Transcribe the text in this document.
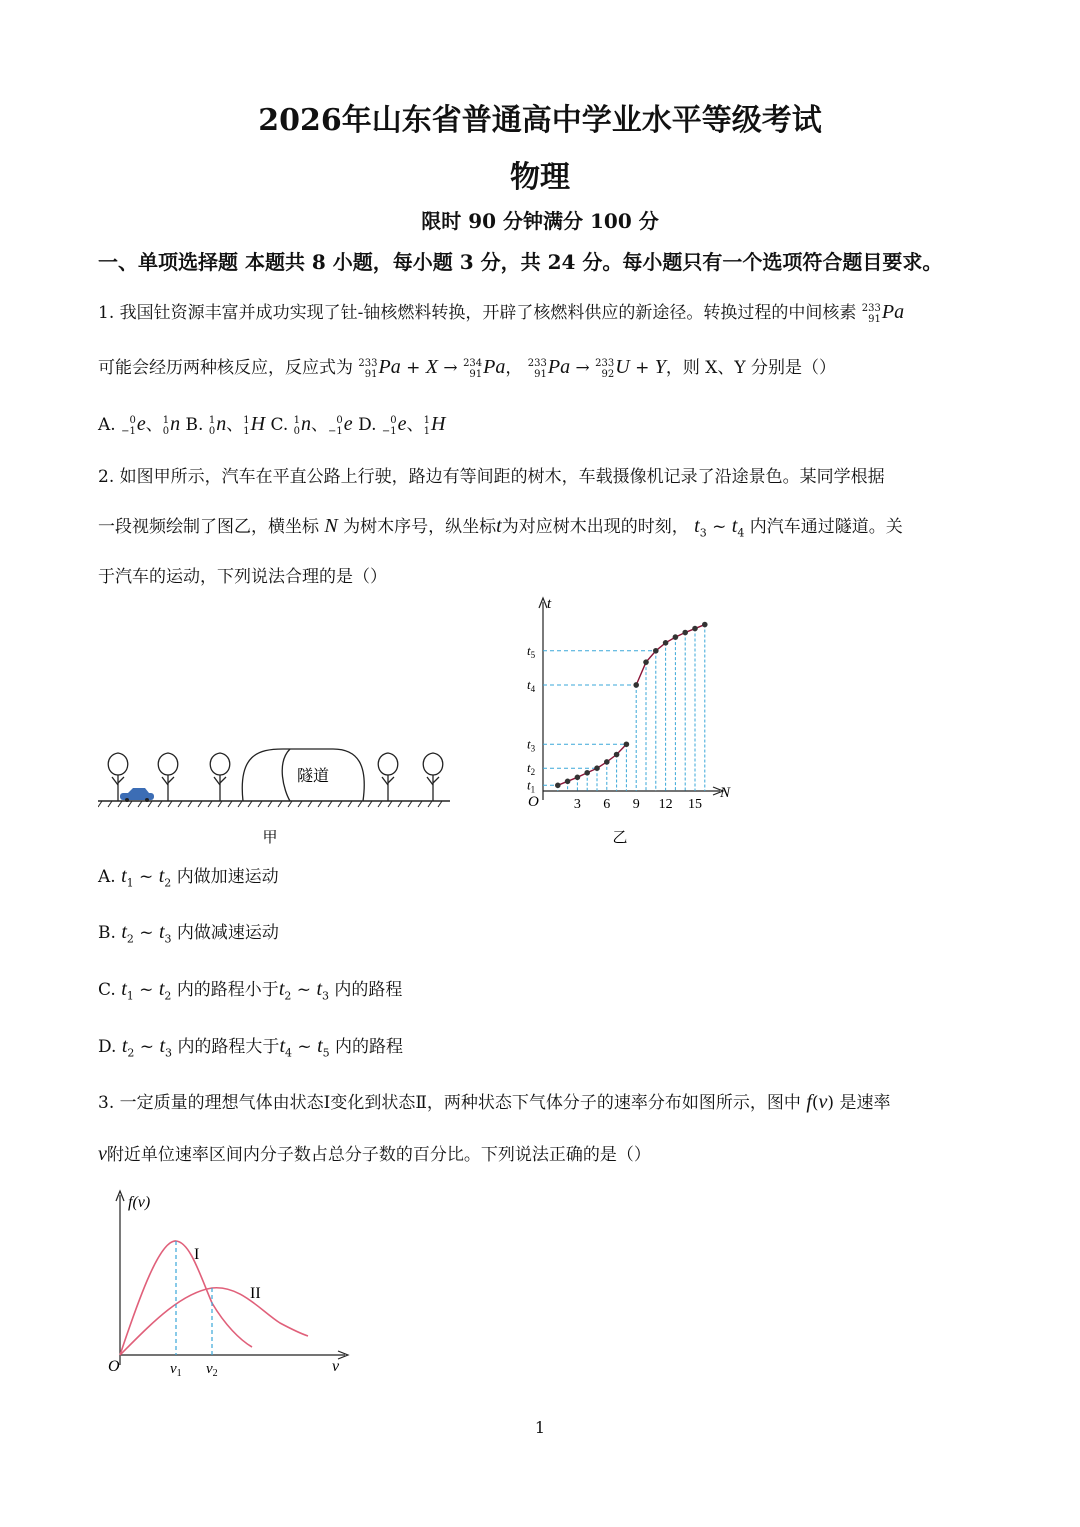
2026年山东省普通高中学业水平等级考试
物理
限时 90 分钟满分 100 分
一、单项选择题 本题共 8 小题，每小题 3 分，共 24 分。每小题只有一个选项符合题目要求。
1. 我国钍资源丰富并成功实现了钍-铀核燃料转换，开辟了核燃料供应的新途径。转换过程的中间核素 233
91 Pa
可能会经历两种核反应，反应式为 233
91 Pa + X → 234
91 Pa， 233
91 Pa → 233
92 U + Y，则 X、Y 分别是（）
A.	0
−1 e、 1
0 n B. 1
0 n、 1
1 H C. 1
0 n、 0
−1 e D.	0
−1 e、 1
1 H
2. 如图甲所示，汽车在平直公路上行驶，路边有等间距的树木，车载摄像机记录了沿途景色。某同学根据
一段视频绘制了图乙，横坐标 N 为树木序号，纵坐标t为对应树木出现的时刻， $t_3$ ~ $t_4$ 内汽车通过隧道。关
于汽车的运动，下列说法合理的是（）
隧道
甲
t
N
O	3 6 9 12 15
$t_1$
$t_2$
$t_3$
$t_4$
$t_5$
乙
A. $t_1$ ~ $t_2$ 内做加速运动
B. $t_2$ ~ $t_3$ 内做减速运动
C. $t_1$ ~ $t_2$ 内的路程小于$t_2$ ~ $t_3$ 内的路程
D. $t_2$ ~ $t_3$ 内的路程大于$t_4$ ~ $t_5$ 内的路程
3. 一定质量的理想气体由状态Ⅰ变化到状态Ⅱ，两种状态下气体分子的速率分布如图所示，图中 f(v) 是速率
v附近单位速率区间内分子数占总分子数的百分比。下列说法正确的是（）
f(v)
v
O
I
II
$v_1$ $v_2$
1
